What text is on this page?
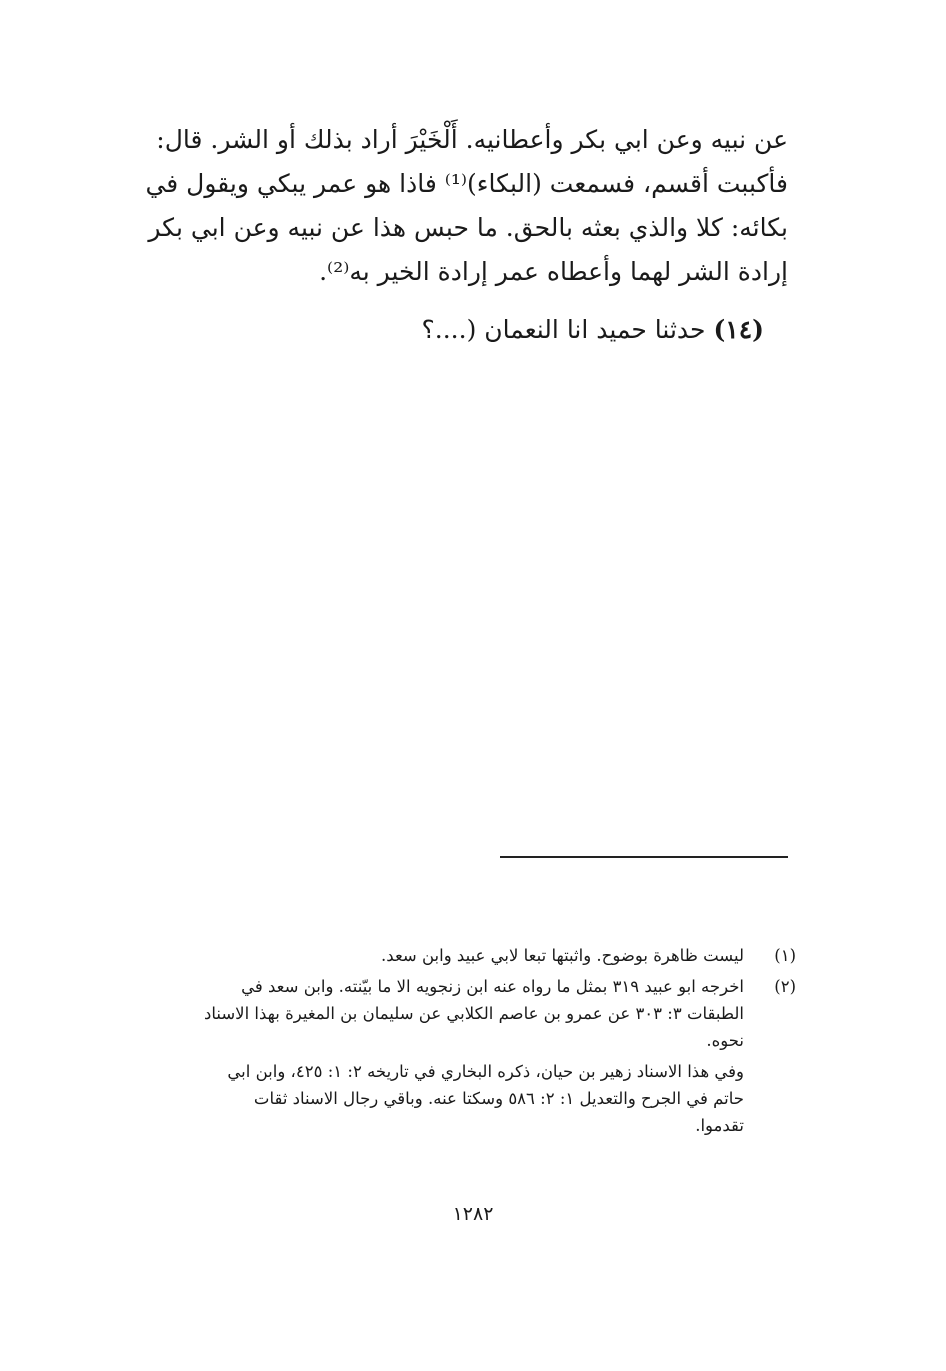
عن نبيه وعن ابي بكر وأعطانيه. أَلْخَيْرَ أراد بذلك أو الشر. قال:
فأكببت أقسم، فسمعت (البكاء)⁽¹⁾ فاذا هو عمر يبكي ويقول في
بكائه: كلا والذي بعثه بالحق. ما حبس هذا عن نبيه وعن ابي بكر
إرادة الشر لهما وأعطاه عمر إرادة الخير به⁽²⁾.
(١٤) حدثنا حميد انا النعمان (....؟
(١)
ليست ظاهرة بوضوح. واثبتها تبعا لابي عبيد وابن سعد.
(٢)
اخرجه ابو عبيد ٣١٩ بمثل ما رواه عنه ابن زنجويه الا ما بيّنته. وابن سعد في
الطبقات ٣: ٣٠٣ عن عمرو بن عاصم الكلابي عن سليمان بن المغيرة بهذا الاسناد
نحوه.
وفي هذا الاسناد زهير بن حيان، ذكره البخاري في تاريخه ٢: ١: ٤٢٥، وابن ابي
حاتم في الجرح والتعديل ١: ٢: ٥٨٦ وسكتا عنه. وباقي رجال الاسناد ثقات
تقدموا.
١٢٨٢
